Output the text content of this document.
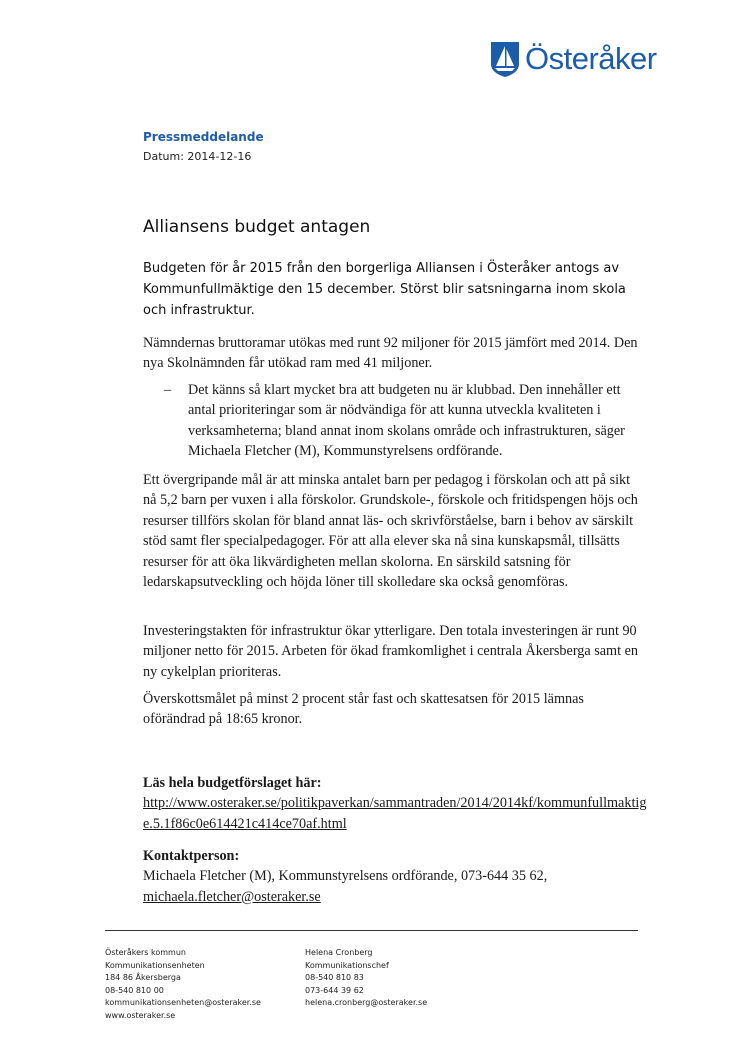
Österåker
Pressmeddelande
Datum: 2014-12-16
Alliansens budget antagen
Budgeten för år 2015 från den borgerliga Alliansen i Österåker antogs av Kommunfullmäktige den 15 december. Störst blir satsningarna inom skola och infrastruktur.
Nämndernas bruttoramar utökas med runt 92 miljoner för 2015 jämfört med 2014. Den nya Skolnämnden får utökad ram med 41 miljoner.
–	Det känns så klart mycket bra att budgeten nu är klubbad. Den innehåller ett antal prioriteringar som är nödvändiga för att kunna utveckla kvaliteten i verksamheterna; bland annat inom skolans område och infrastrukturen, säger Michaela Fletcher (M), Kommunstyrelsens ordförande.
Ett övergripande mål är att minska antalet barn per pedagog i förskolan och att på sikt nå 5,2 barn per vuxen i alla förskolor. Grundskole-, förskole och fritidspengen höjs och resurser tillförs skolan för bland annat läs- och skrivförståelse, barn i behov av särskilt stöd samt fler specialpedagoger. För att alla elever ska nå sina kunskapsmål, tillsätts resurser för att öka likvärdigheten mellan skolorna. En särskild satsning för ledarskapsutveckling och höjda löner till skolledare ska också genomföras.
Investeringstakten för infrastruktur ökar ytterligare. Den totala investeringen är runt 90 miljoner netto för 2015. Arbeten för ökad framkomlighet i centrala Åkersberga samt en ny cykelplan prioriteras.
Överskottsmålet på minst 2 procent står fast och skattesatsen för 2015 lämnas oförändrad på 18:65 kronor.
Läs hela budgetförslaget här:
http://www.osteraker.se/politikpaverkan/sammantraden/2014/2014kf/kommunfullmaktige.5.1f86c0e614421c414ce70af.html
Kontaktperson:
Michaela Fletcher (M), Kommunstyrelsens ordförande, 073-644 35 62,
michaela.fletcher@osteraker.se
Österåkers kommun
Kommunikationsenheten
184 86 Åkersberga
08-540 810 00
kommunikationsenheten@osteraker.se
www.osteraker.se
Helena Cronberg
Kommunikationschef
08-540 810 83
073-644 39 62
helena.cronberg@osteraker.se
